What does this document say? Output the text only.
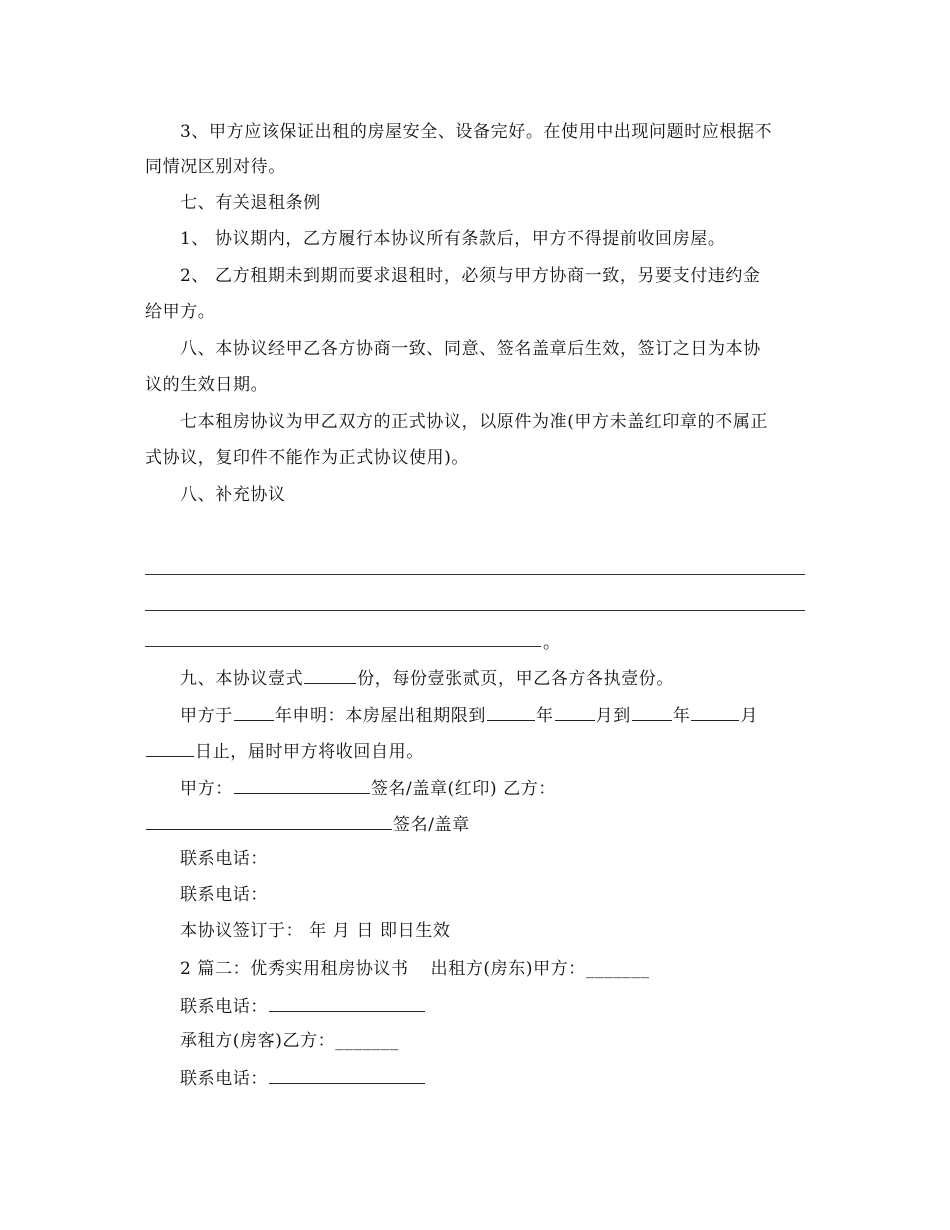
3、甲方应该保证出租的房屋安全、设备完好。在使用中出现问题时应根据不
同情况区别对待。
七、有关退租条例
1、 协议期内，乙方履行本协议所有条款后，甲方不得提前收回房屋。
2、 乙方租期未到期而要求退租时，必须与甲方协商一致，另要支付违约金
给甲方。
八、本协议经甲乙各方协商一致、同意、签名盖章后生效，签订之日为本协
议的生效日期。
七本租房协议为甲乙双方的正式协议，以原件为准(甲方未盖红印章的不属正
式协议，复印件不能作为正式协议使用)。
八、补充协议
。
九、本协议壹式	份，每份壹张贰页，甲乙各方各执壹份。
甲方于 年申明：本房屋出租期限到	年 月到 年	月
日止，届时甲方将收回自用。
甲方：	签名/盖章(红印) 乙方：
签名/盖章
联系电话：
联系电话：
本协议签订于： 年 月 日 即日生效
2 篇二：优秀实用租房协议书 出租方(房东)甲方：_______
联系电话：
承租方(房客)乙方：_______
联系电话：
